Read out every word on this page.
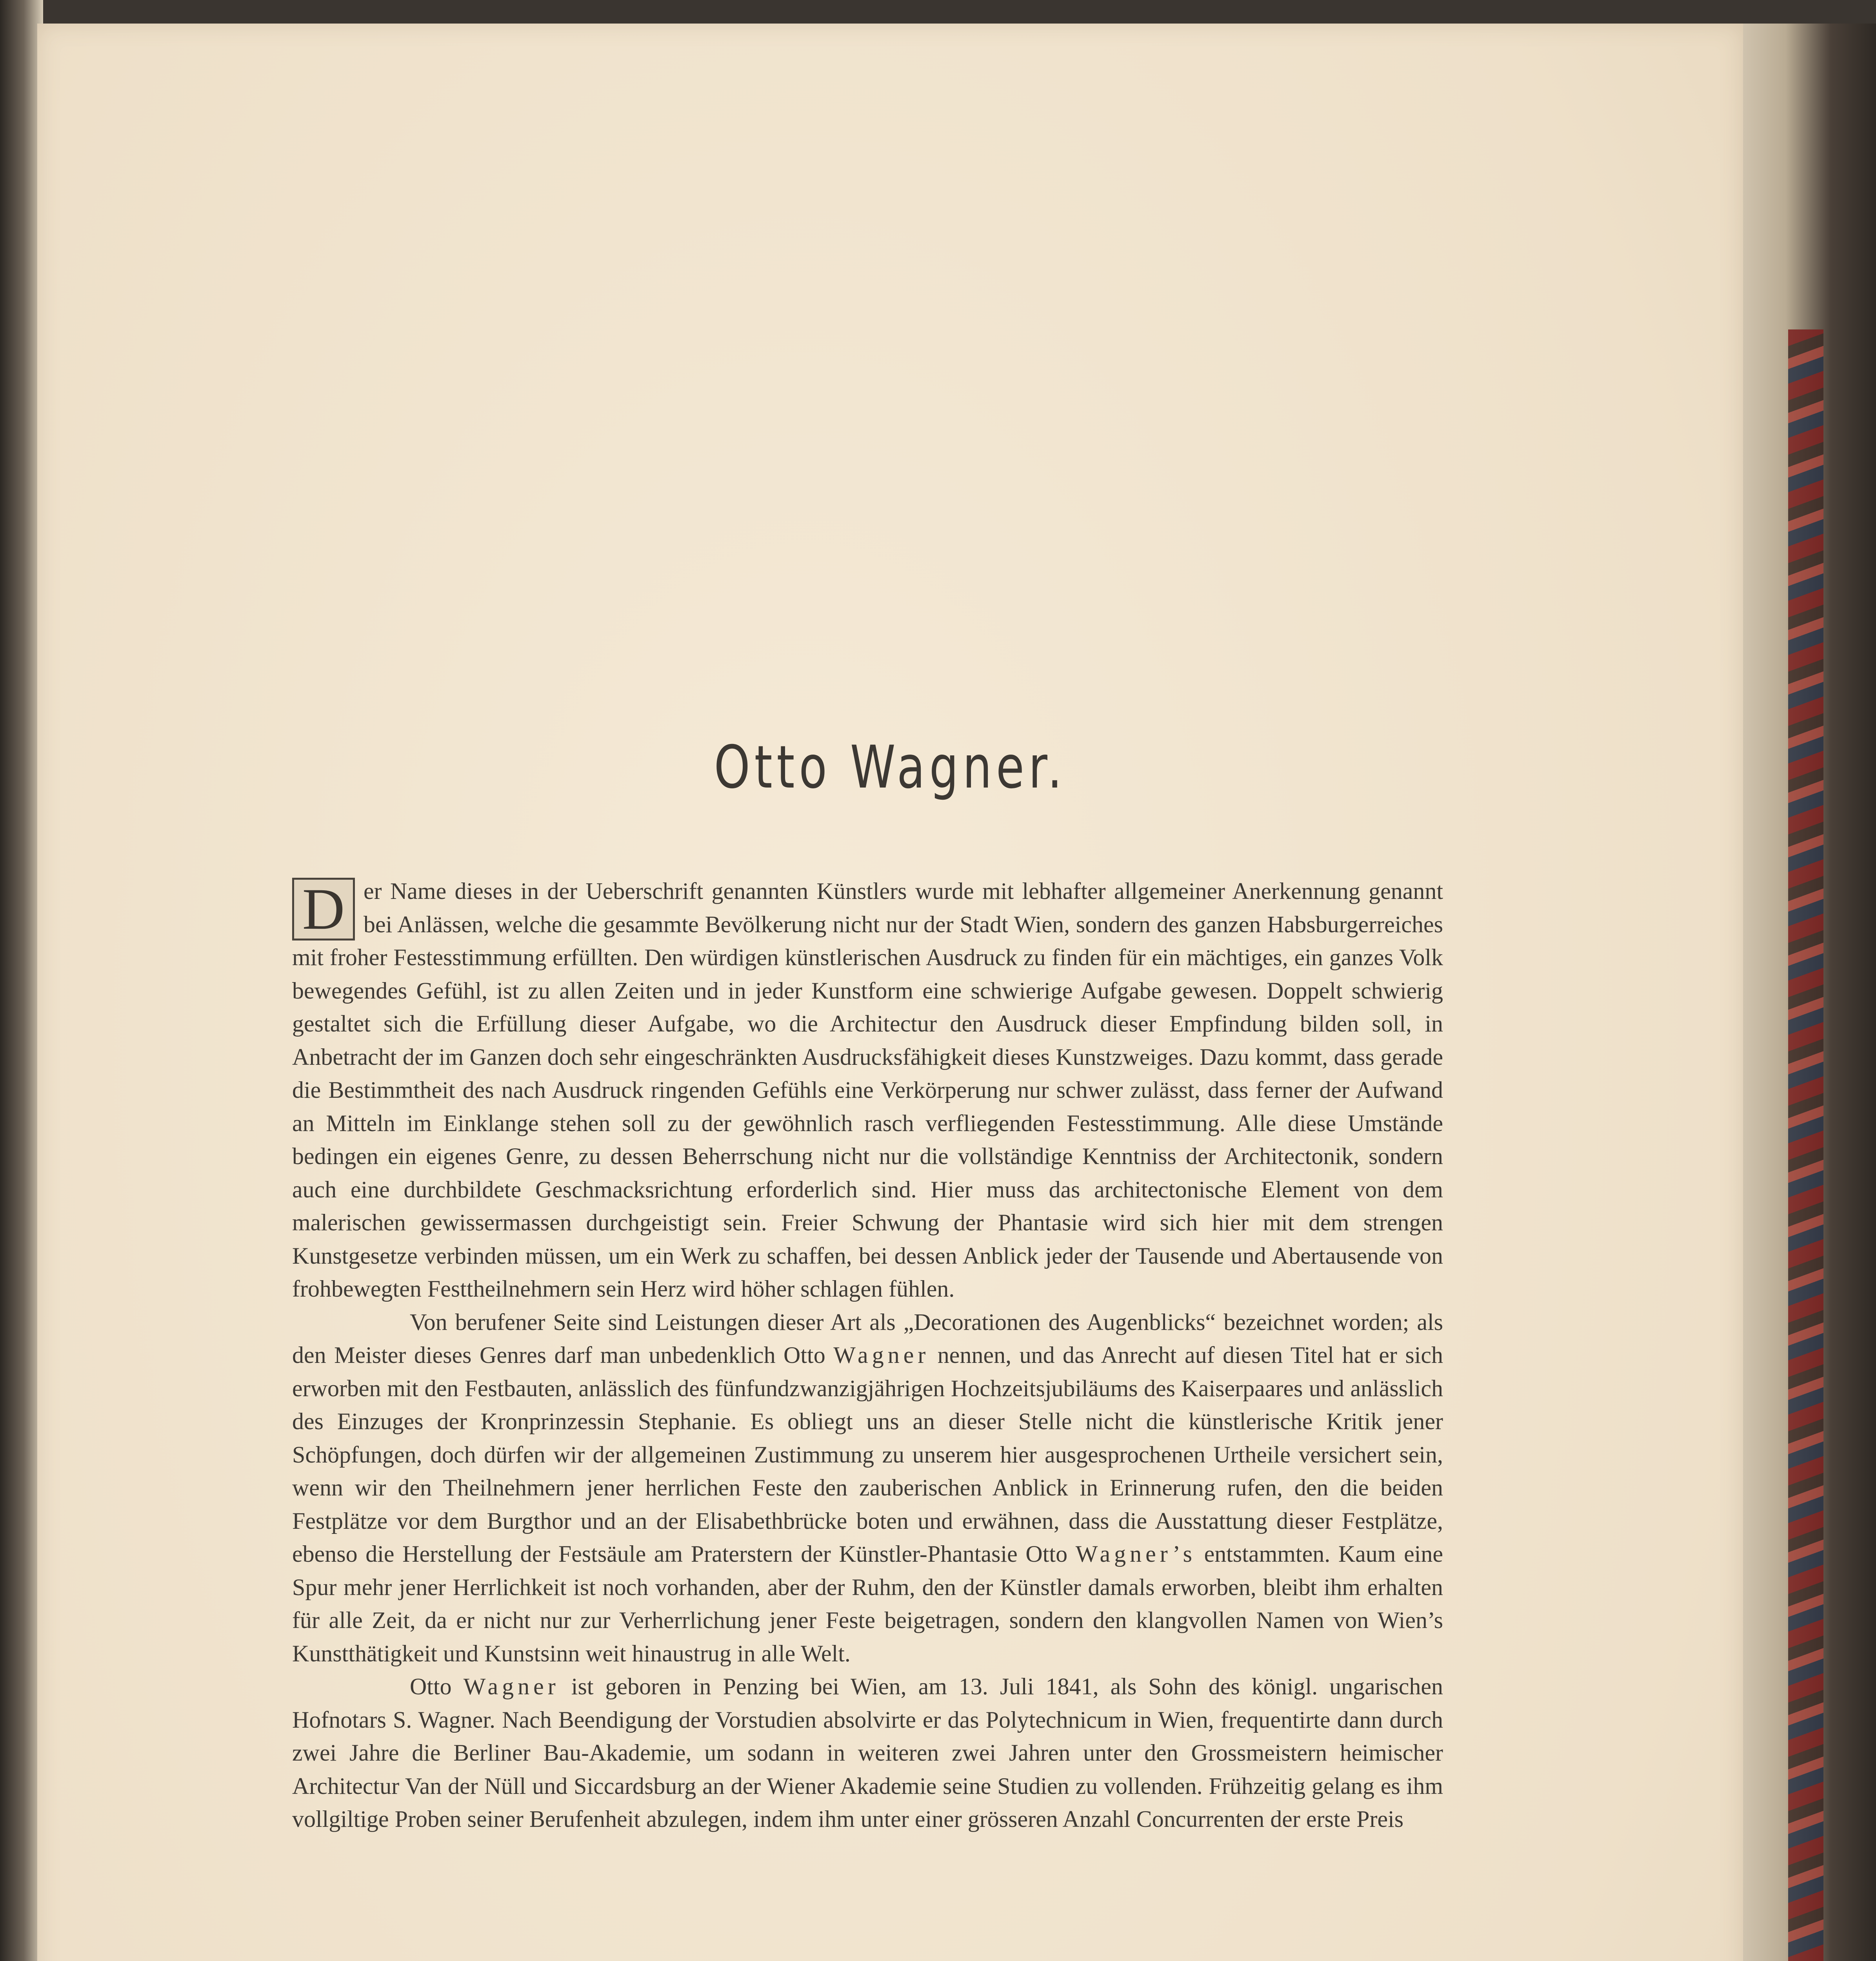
Otto Wagner.

D er Name dieses in der Ueberschrift genannten Künstlers wurde mit lebhafter allgemeiner Anerkennung genannt bei Anlässen, welche die gesammte Bevölkerung nicht nur der Stadt Wien, sondern des ganzen Habsburgerreiches mit froher Festesstimmung erfüllten. Den würdigen künstlerischen Ausdruck zu finden für ein mächtiges, ein ganzes Volk bewegendes Gefühl, ist zu allen Zeiten und in jeder Kunstform eine schwierige Aufgabe gewesen. Doppelt schwierig gestaltet sich die Erfüllung dieser Aufgabe, wo die Architectur den Ausdruck dieser Empfindung bilden soll, in Anbetracht der im Ganzen doch sehr eingeschränkten Ausdrucksfähigkeit dieses Kunstzweiges. Dazu kommt, dass gerade die Bestimmtheit des nach Ausdruck ringenden Gefühls eine Verkörperung nur schwer zulässt, dass ferner der Aufwand an Mitteln im Einklange stehen soll zu der gewöhnlich rasch verfliegenden Festesstimmung. Alle diese Umstände bedingen ein eigenes Genre, zu dessen Beherrschung nicht nur die vollständige Kenntniss der Architectonik, sondern auch eine durchbildete Geschmacksrichtung erforderlich sind. Hier muss das architectonische Element von dem malerischen gewissermassen durchgeistigt sein. Freier Schwung der Phantasie wird sich hier mit dem strengen Kunstgesetze verbinden müssen, um ein Werk zu schaffen, bei dessen Anblick jeder der Tausende und Abertausende von frohbewegten Festtheilnehmern sein Herz wird höher schlagen fühlen.

Von berufener Seite sind Leistungen dieser Art als „Decorationen des Augenblicks“ bezeichnet worden; als den Meister dieses Genres darf man unbedenklich Otto Wagner nennen, und das Anrecht auf diesen Titel hat er sich erworben mit den Festbauten, anlässlich des fünfundzwanzigjährigen Hochzeitsjubiläums des Kaiserpaares und anlässlich des Einzuges der Kronprinzessin Stephanie. Es obliegt uns an dieser Stelle nicht die künstlerische Kritik jener Schöpfungen, doch dürfen wir der allgemeinen Zustimmung zu unserem hier ausgesprochenen Urtheile versichert sein, wenn wir den Theilnehmern jener herrlichen Feste den zauberischen Anblick in Erinnerung rufen, den die beiden Festplätze vor dem Burgthor und an der Elisabethbrücke boten und erwähnen, dass die Ausstattung dieser Festplätze, ebenso die Herstellung der Festsäule am Praterstern der Künstler-Phantasie Otto Wagner’s entstammten. Kaum eine Spur mehr jener Herrlichkeit ist noch vorhanden, aber der Ruhm, den der Künstler damals erworben, bleibt ihm erhalten für alle Zeit, da er nicht nur zur Verherrlichung jener Feste beigetragen, sondern den klangvollen Namen von Wien’s Kunstthätigkeit und Kunstsinn weit hinaustrug in alle Welt.

Otto Wagner ist geboren in Penzing bei Wien, am 13. Juli 1841, als Sohn des königl. ungarischen Hofnotars S. Wagner. Nach Beendigung der Vorstudien absolvirte er das Polytechnicum in Wien, frequentirte dann durch zwei Jahre die Berliner Bau-Akademie, um sodann in weiteren zwei Jahren unter den Grossmeistern heimischer Architectur Van der Nüll und Siccardsburg an der Wiener Akademie seine Studien zu vollenden. Frühzeitig gelang es ihm vollgiltige Proben seiner Berufenheit abzulegen, indem ihm unter einer grösseren Anzahl Concurrenten der erste Preis
